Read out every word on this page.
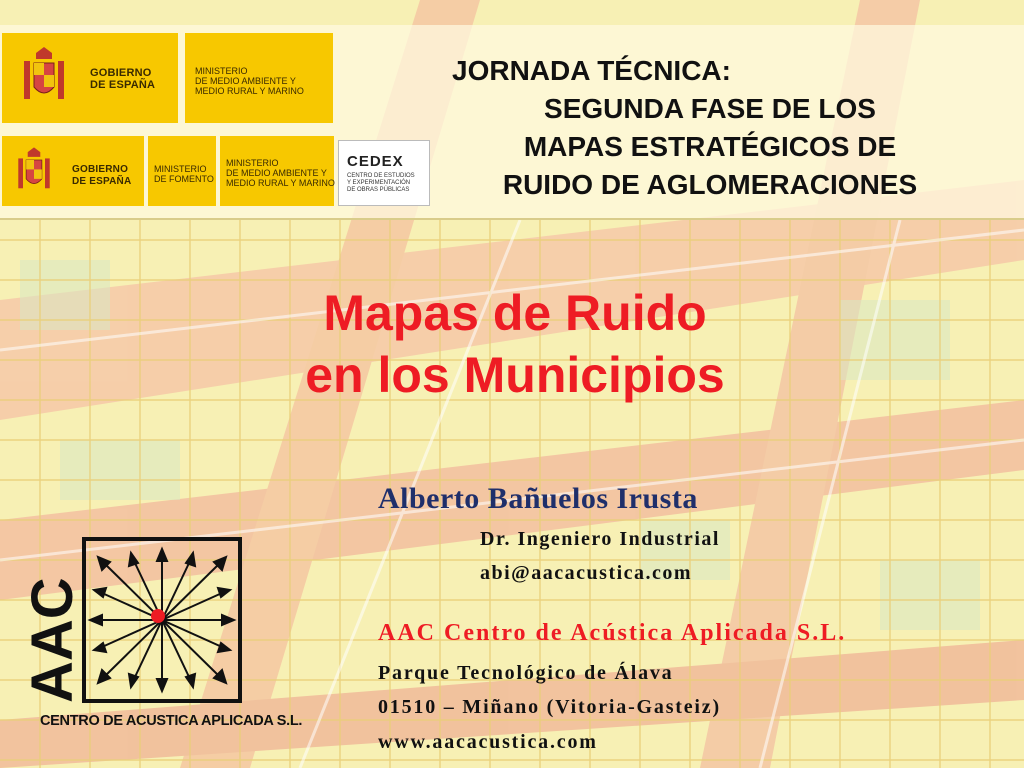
GOBIERNO
DE ESPAÑA
MINISTERIO
DE MEDIO AMBIENTE Y
MEDIO RURAL Y MARINO
GOBIERNO
DE ESPAÑA
MINISTERIO
DE FOMENTO
MINISTERIO
DE MEDIO AMBIENTE Y
MEDIO RURAL Y MARINO
CEDEX
CENTRO DE ESTUDIOS
Y EXPERIMENTACIÓN
DE OBRAS PÚBLICAS
JORNADA TÉCNICA:
SEGUNDA FASE DE LOS
MAPAS ESTRATÉGICOS DE
RUIDO DE AGLOMERACIONES
Mapas de Ruido
en los Municipios
Alberto Bañuelos Irusta
Dr. Ingeniero Industrial
abi@aacacustica.com
AAC Centro de Acústica Aplicada S.L.
Parque Tecnológico de Álava
01510 – Miñano (Vitoria-Gasteiz)
www.aacacustica.com
AAC
CENTRO DE ACUSTICA APLICADA S.L.
